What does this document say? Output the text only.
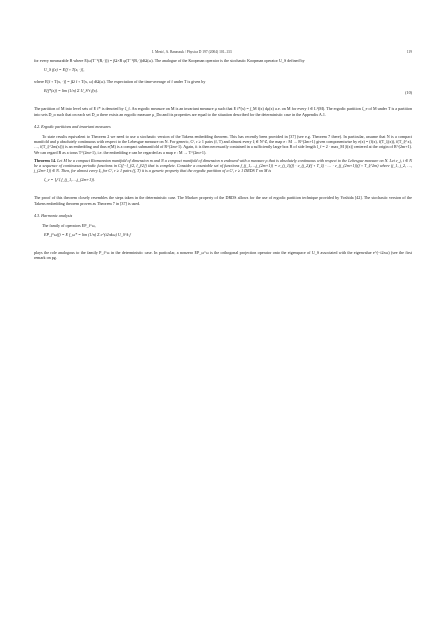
I. Mezić, A. Banaszuk / Physica D 197 (2004) 101–133	119

for every measurable B where E(ω(T⁻¹(B,·))) = ∫Ω×B φ(T⁻¹(B,·))dΩ(ω). The analogue of the Koopman operator is the stochastic Koopman operator U_S defined by

U_S f(x) = E[f ∘ T(x, ·)],

where E[f ∘ T(x, ·)] = ∫Ω f ∘ T(x, ω) dΩ(ω). The expectation of the time-average of f under T is given by

E(f*(x)) = lim (1/n) Σ U_S^i f(x).	(10)

The partition of M into level sets of E f* is denoted by ζ_f. An ergodic measure on M is an invariant measure μ such that E f*(x) = ∫_M f(x) dμ(x) a.e. on M for every f ∈ L¹(M). The ergodic partition ζ_e of M under T is a partition into sets D_α such that on each set D_α there exists an ergodic measure μ_Dα and its properties are equal to the situation described for the deterministic case in the Appendix A.1.

4.2. Ergodic partitions and invariant measures

To state results equivalent to Theorem 2 we need to use a stochastic version of the Takens embedding theorem. This has recently been provided in [37] (see e.g. Theorem 7 there). In particular, assume that N is a compact manifold and ρ absolutely continuous with respect to the Lebesgue measure on N. For generic, Cʳ, r ≥ 1 pairs (f, T) and almost every ξ ∈ N^Z, the map e : M → R^(2m+1) given componentwise by e(x) = (f(x), f(T_ξ(x)), f(T_ξ² x), …, f(T_ξ^2m(x))) is an embedding and thus e(M) is a compact submanifold of R^(2m+1). Again, it is then necessarily contained in a sufficiently large box B of side length l_f = 2 · max_M |f(x)| centered at the origin of R^(2m+1). We can regard B as a torus T^(2m+1), i.e. the embedding e can be regarded as a map e : M → T^(2m+1).

Theorem 14. Let M be a compact Riemannian manifold of dimension m and N a compact manifold of dimension n endowed with a measure ρ that is absolutely continuous with respect to the Lebesgue measure on N. Let e_j, i ∈ N be a sequence of continuous periodic functions in C([−l_f/2, l_f/2]) that is complete. Consider a countable set of functions f_(j_1,…,j_(2m+1)) = e_(j_1)(f) · e_(j_2)(f ∘ T_ξ) · … · e_(j_(2m+1))(f ∘ T_ξ^2m) where (j_1, j_2, …, j_(2m+1)) ∈ N. Then, for almost every ξ, for Cʳ, r ≥ 1 pairs (f, T) it is a generic property that the ergodic partition of a Cʳ, r ≥ 1 DRDS T on M is

ζ_e = ⋁ ζ f_(j_1,…,j_(2m+1)).

The proof of this theorem closely resembles the steps taken in the deterministic case. The Markov property of the DRDS allows for the use of ergodic partition technique provided by Yoshida [42]. The stochastic version of the Takens embedding theorem proven as Theorem 7 in [37] is used.

4.3. Harmonic analysis

The family of operators EP_f^ω,

EP_f^ω(f) = E f_ω* = lim (1/n) Σ e^(i2πkω) U_S^k f

plays the role analogous to the family P_f^ω in the deterministic case. In particular, a nonzero EP_ω^ω is the orthogonal projection operator onto the eigenspace of U_S associated with the eigenvalue e^(−i2πω) (see the first remark on pg.
